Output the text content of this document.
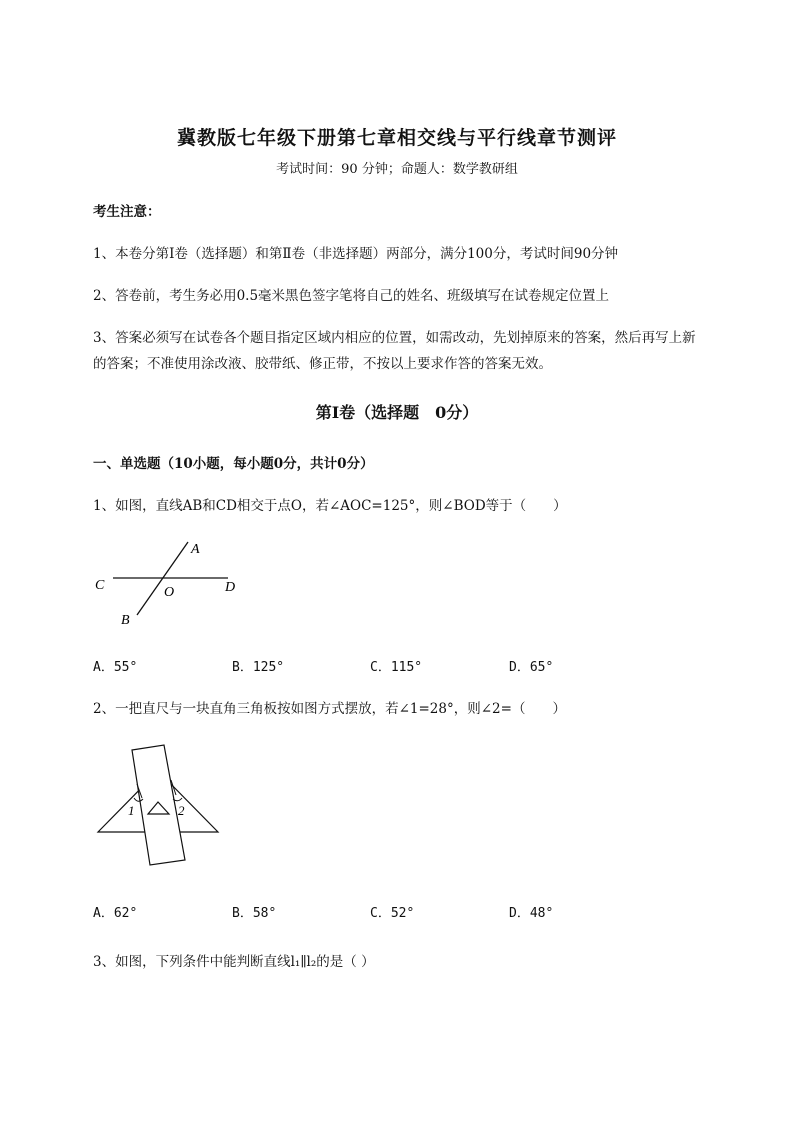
冀教版七年级下册第七章相交线与平行线章节测评
考试时间：90 分钟；命题人：数学教研组
考生注意：
1、本卷分第Ⅰ卷（选择题）和第Ⅱ卷（非选择题）两部分，满分100分，考试时间90分钟
2、答卷前，考生务必用0.5毫米黑色签字笔将自己的姓名、班级填写在试卷规定位置上
3、答案必须写在试卷各个题目指定区域内相应的位置，如需改动，先划掉原来的答案，然后再写上新
的答案；不准使用涂改液、胶带纸、修正带，不按以上要求作答的答案无效。
第Ⅰ卷（选择题　0分）
一、单选题（10小题，每小题0分，共计0分）
1、如图，直线AB和CD相交于点O，若∠AOC=125°，则∠BOD等于（　　）
A
C	O	D
B
A．55°	B．125°	C．115°	D．65°
2、一把直尺与一块直角三角板按如图方式摆放，若∠1=28°，则∠2=（　　）
1	2
A．62°	B．58°	C．52°	D．48°
3、如图，下列条件中能判断直线l₁∥l₂的是（ ）
